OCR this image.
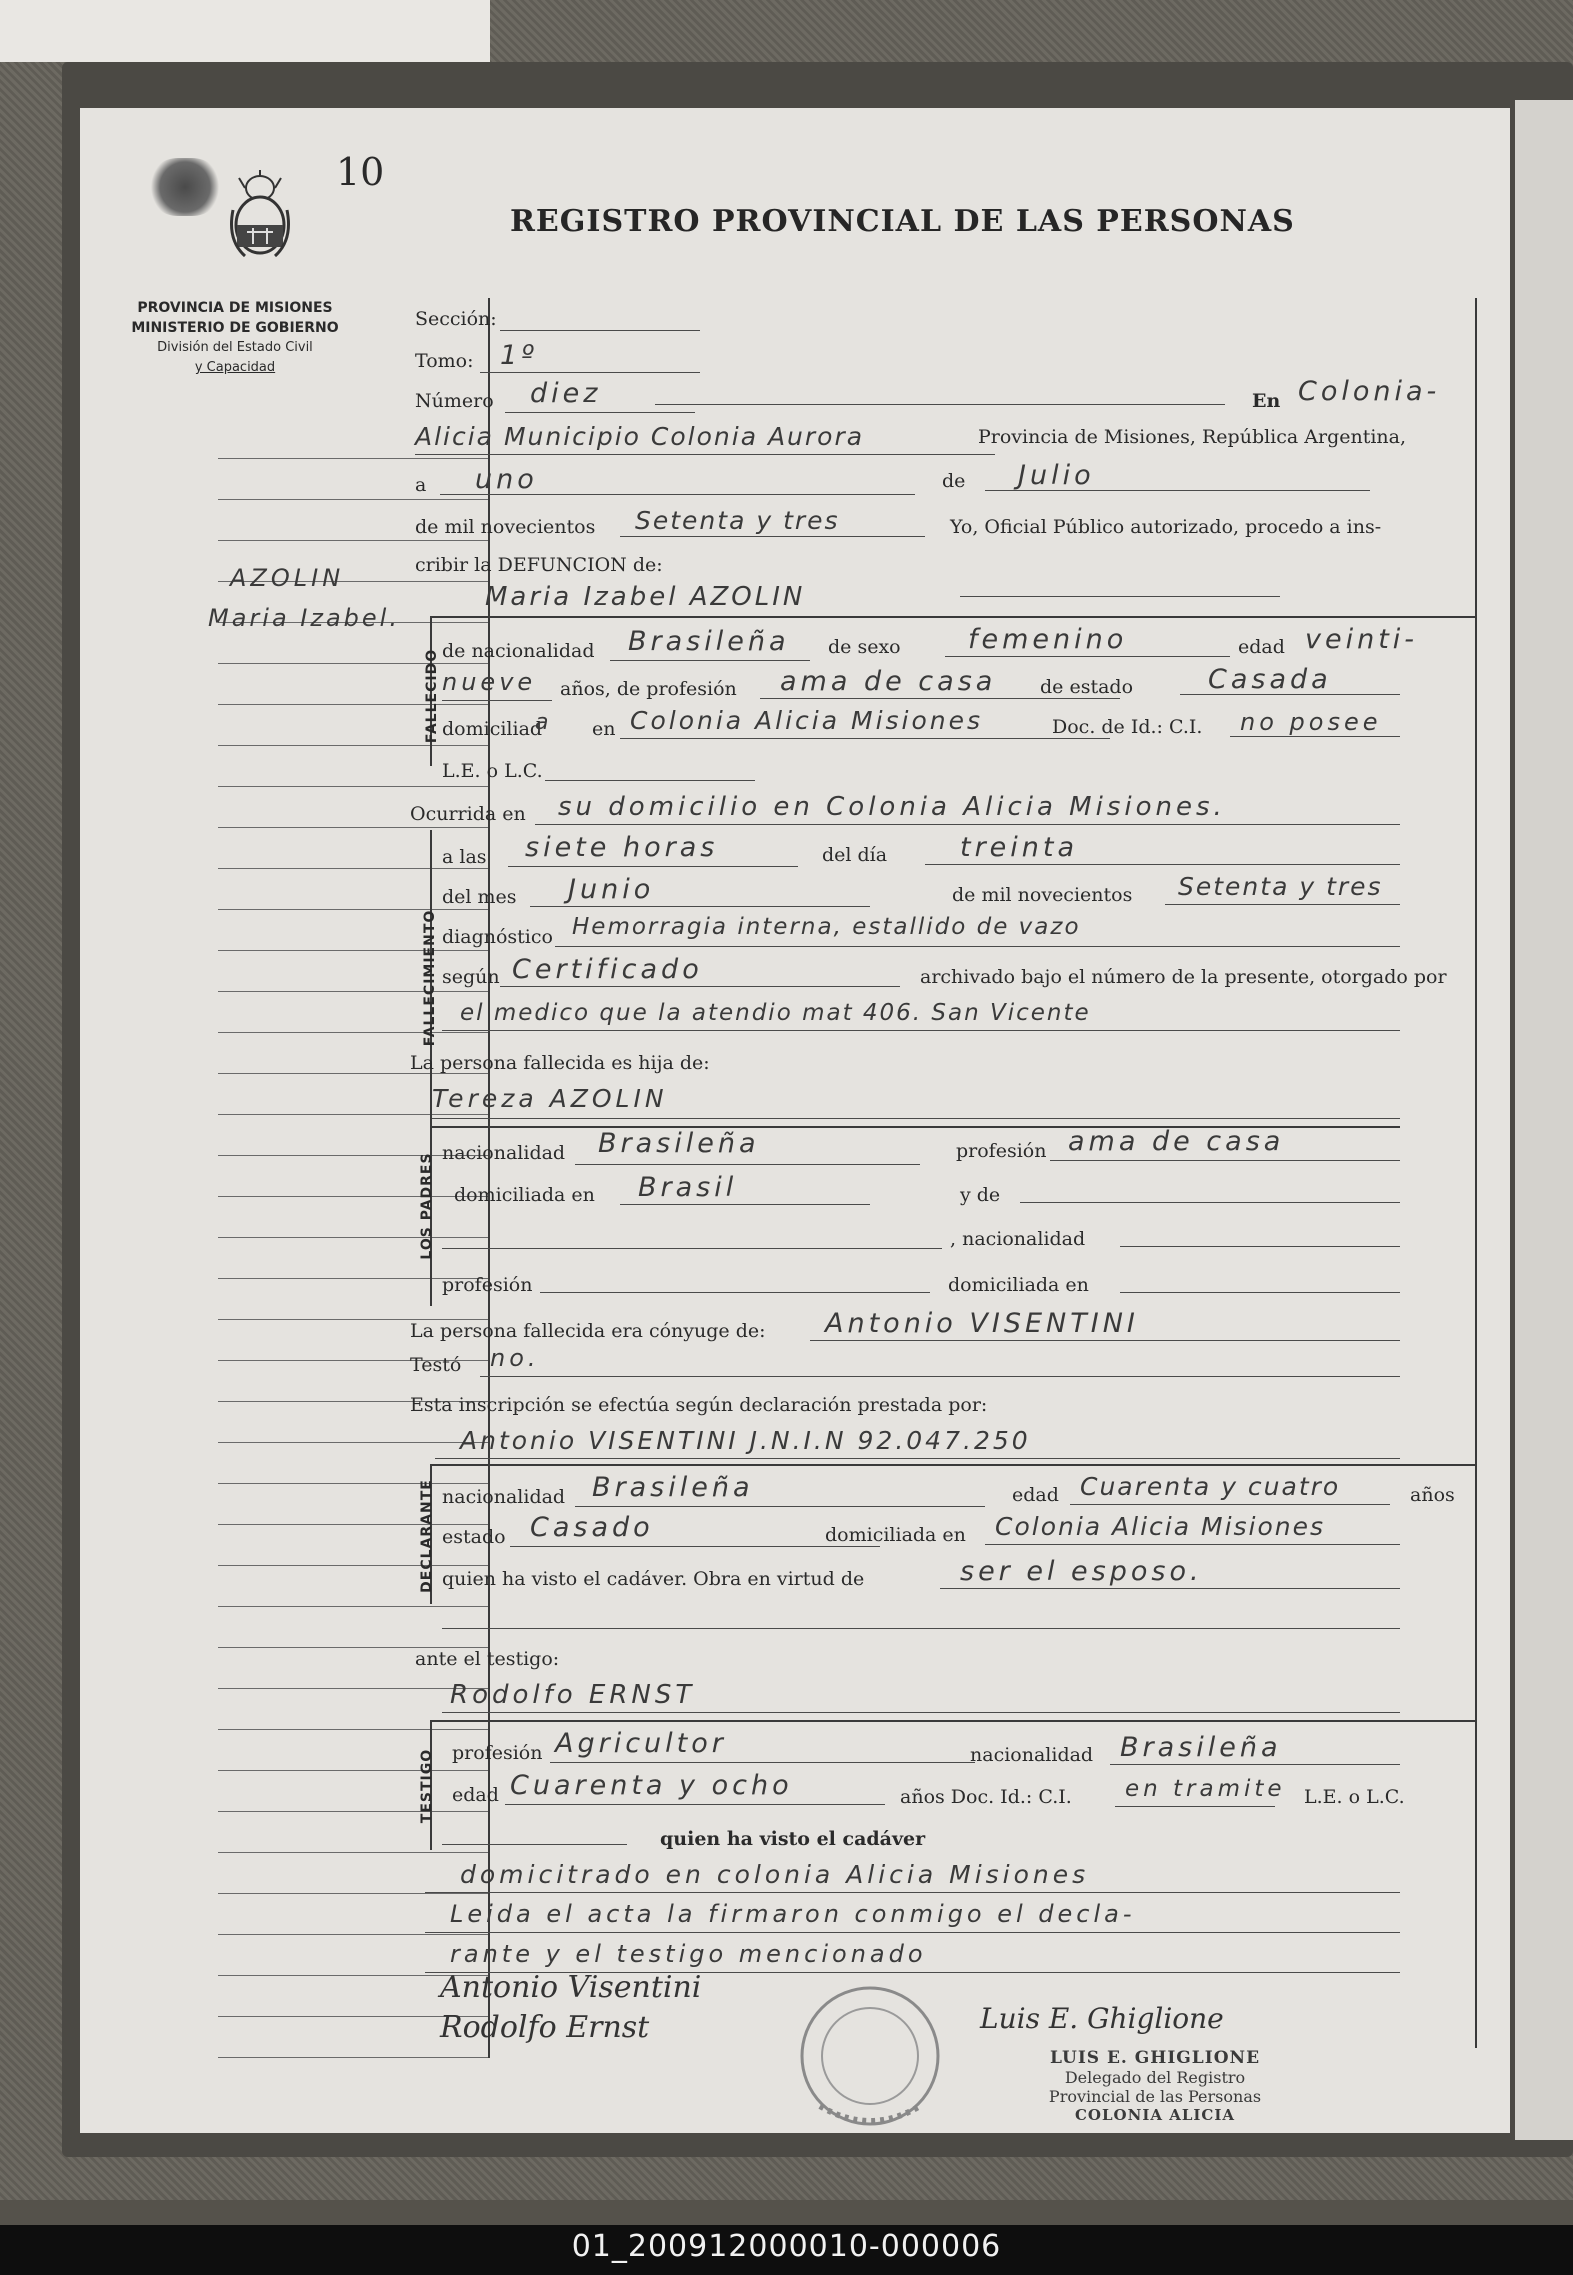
10
REGISTRO PROVINCIAL DE LAS PERSONAS
PROVINCIA DE MISIONES
MINISTERIO DE GOBIERNO
División del Estado Civil
y Capacidad
AZOLIN
Maria Izabel.
Sección:
Tomo: 1º
Número diez	En Colonia-
Alicia Municipio Colonia Aurora	Provincia de Misiones, República Argentina,
a uno	de Julio
de mil novecientos Setenta y tres	Yo, Oficial Público autorizado, procedo a ins-
cribir la DEFUNCION de:
FALLECIDO
Maria Izabel AZOLIN
de nacionalidad Brasileña de sexo femenino	edad veinti-
nueve años, de profesión ama de casa de estado	Casada
domiciliad
a en Colonia Alicia Misiones	Doc. de Id.: C.I. no posee
L.E. o L.C.
Ocurrida en su domicilio en Colonia Alicia Misiones.
FALLECIMIENTO
a las siete horas	del día	treinta
del mes Junio	de mil novecientos Setenta y tres
diagnóstico Hemorragia interna, estallido de vazo
según Certificado	archivado bajo el número de la presente, otorgado por
el medico que la atendio mat 406. San Vicente
La persona fallecida es hija de:
Tereza AZOLIN
LOS PADRES nacionalidad Brasileña	profesión ama de casa
domiciliada en Brasil	y de
, nacionalidad
profesión	domiciliada en
La persona fallecida era cónyuge de: Antonio VISENTINI
Testó no.
Esta inscripción se efectúa según declaración prestada por:
Antonio VISENTINI J.N.I.N 92.047.250
DECLARANTE nacionalidad Brasileña	edad Cuarenta y cuatro	años
estado Casado	domiciliada en Colonia Alicia Misiones
quien ha visto el cadáver. Obra en virtud de	ser el esposo.
ante el testigo:
Rodolfo ERNST
TESTIGO profesión Agricultor	nacionalidad Brasileña
edad Cuarenta y ocho	años Doc. Id.: C.I. en tramite L.E. o L.C.
quien ha visto el cadáver
domicitrado en colonia Alicia Misiones
Leida el acta la firmaron conmigo el decla-
rante y el testigo mencionado
Antonio Visentini
Rodolfo Ernst	Luis E. Ghiglione
LUIS E. GHIGLIONE
Delegado del Registro
Provincial de las Personas
COLONIA ALICIA
01_200912000010-000006
